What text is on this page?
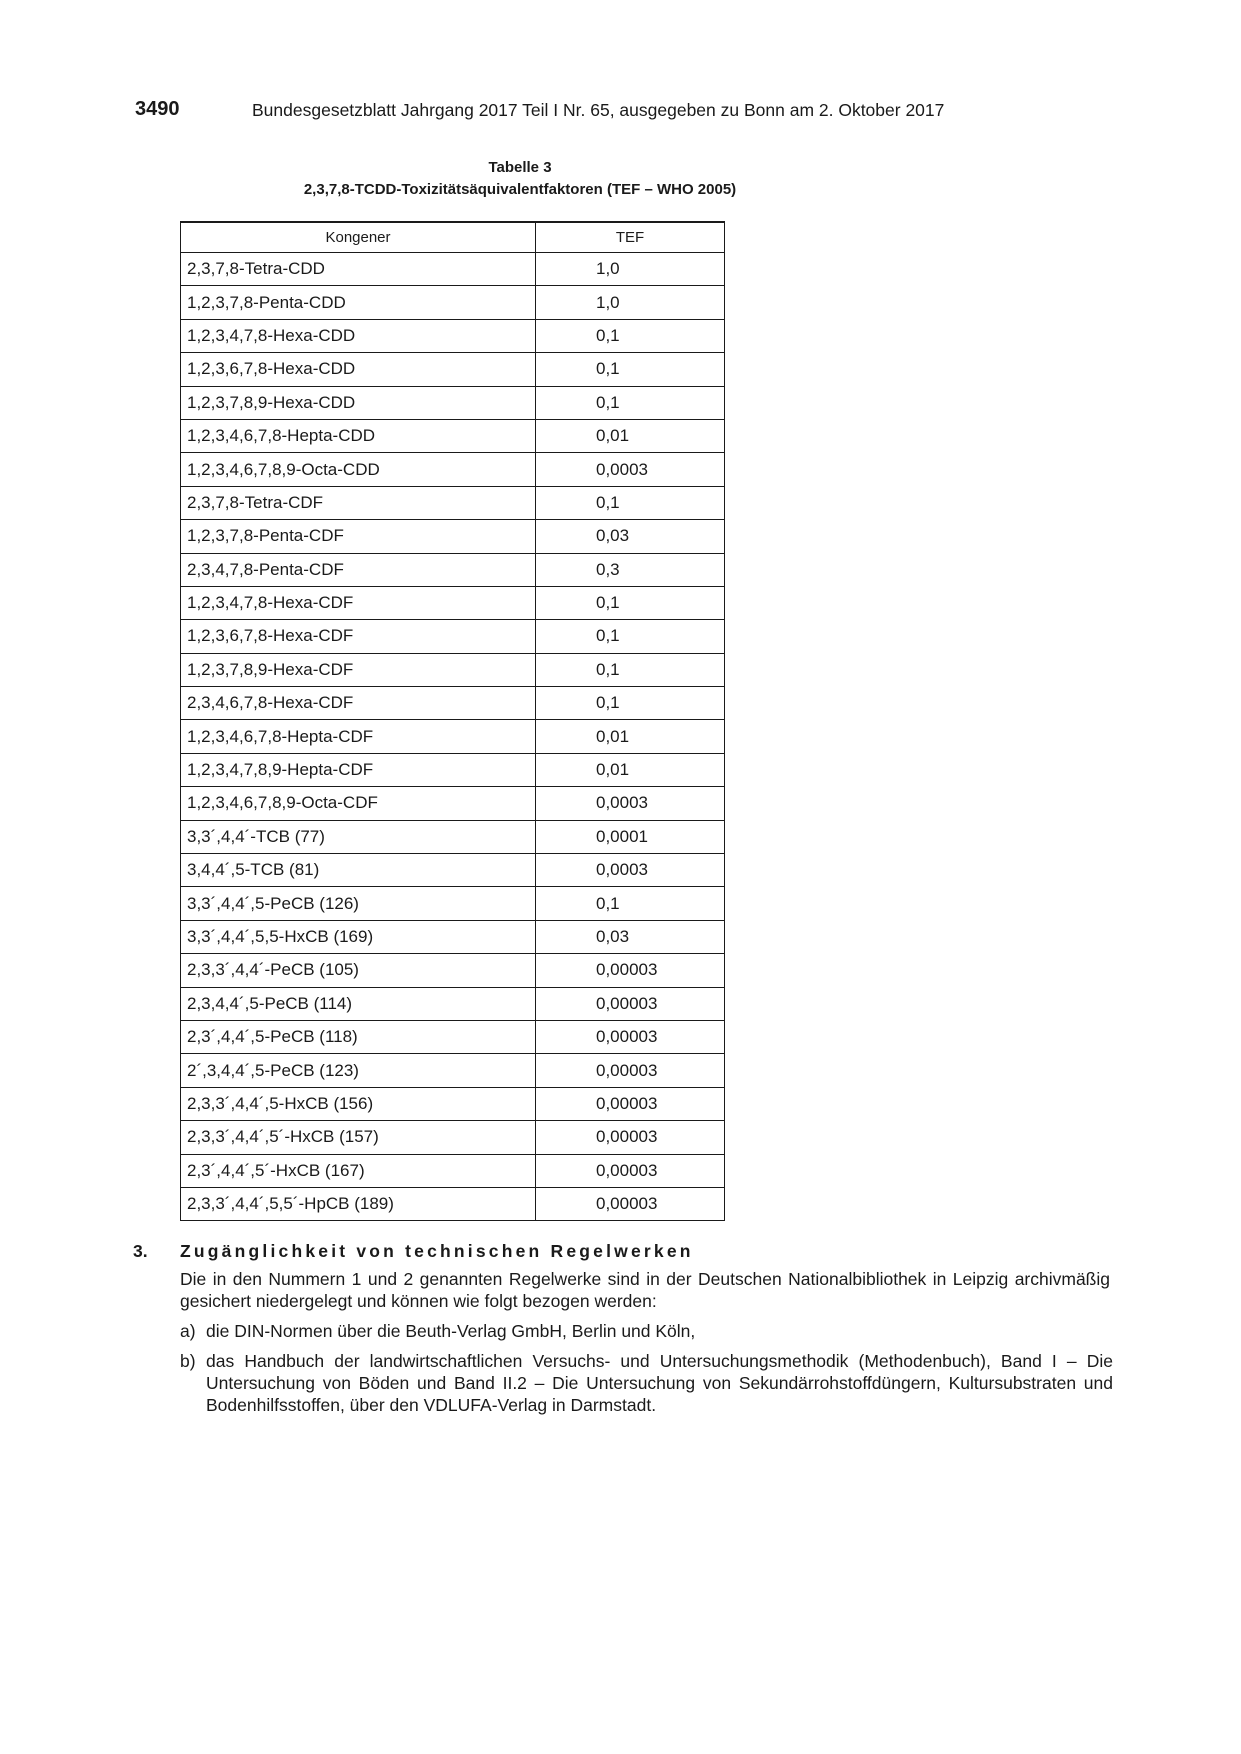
3490	Bundesgesetzblatt Jahrgang 2017 Teil I Nr. 65, ausgegeben zu Bonn am 2. Oktober 2017
Tabelle 3
2,3,7,8-TCDD-Toxizitätsäquivalentfaktoren (TEF – WHO 2005)
Kongener	TEF
2,3,7,8-Tetra-CDD	1,0
1,2,3,7,8-Penta-CDD	1,0
1,2,3,4,7,8-Hexa-CDD	0,1
1,2,3,6,7,8-Hexa-CDD	0,1
1,2,3,7,8,9-Hexa-CDD	0,1
1,2,3,4,6,7,8-Hepta-CDD	0,01
1,2,3,4,6,7,8,9-Octa-CDD	0,0003
2,3,7,8-Tetra-CDF	0,1
1,2,3,7,8-Penta-CDF	0,03
2,3,4,7,8-Penta-CDF	0,3
1,2,3,4,7,8-Hexa-CDF	0,1
1,2,3,6,7,8-Hexa-CDF	0,1
1,2,3,7,8,9-Hexa-CDF	0,1
2,3,4,6,7,8-Hexa-CDF	0,1
1,2,3,4,6,7,8-Hepta-CDF	0,01
1,2,3,4,7,8,9-Hepta-CDF	0,01
1,2,3,4,6,7,8,9-Octa-CDF	0,0003
3,3´,4,4´-TCB (77)	0,0001
3,4,4´,5-TCB (81)	0,0003
3,3´,4,4´,5-PeCB (126)	0,1
3,3´,4,4´,5,5-HxCB (169)	0,03
2,3,3´,4,4´-PeCB (105)	0,00003
2,3,4,4´,5-PeCB (114)	0,00003
2,3´,4,4´,5-PeCB (118)	0,00003
2´,3,4,4´,5-PeCB (123)	0,00003
2,3,3´,4,4´,5-HxCB (156)	0,00003
2,3,3´,4,4´,5´-HxCB (157)	0,00003
2,3´,4,4´,5´-HxCB (167)	0,00003
2,3,3´,4,4´,5,5´-HpCB (189)	0,00003
3. Zugänglichkeit von technischen Regelwerken
Die in den Nummern 1 und 2 genannten Regelwerke sind in der Deutschen Nationalbibliothek in Leipzig archivmäßig gesichert niedergelegt und können wie folgt bezogen werden:
a) die DIN-Normen über die Beuth-Verlag GmbH, Berlin und Köln,
b) das Handbuch der landwirtschaftlichen Versuchs- und Untersuchungsmethodik (Methodenbuch), Band I – Die Untersuchung von Böden und Band II.2 – Die Untersuchung von Sekundärrohstoffdüngern, Kultursubstraten und Bodenhilfsstoffen, über den VDLUFA-Verlag in Darmstadt.
